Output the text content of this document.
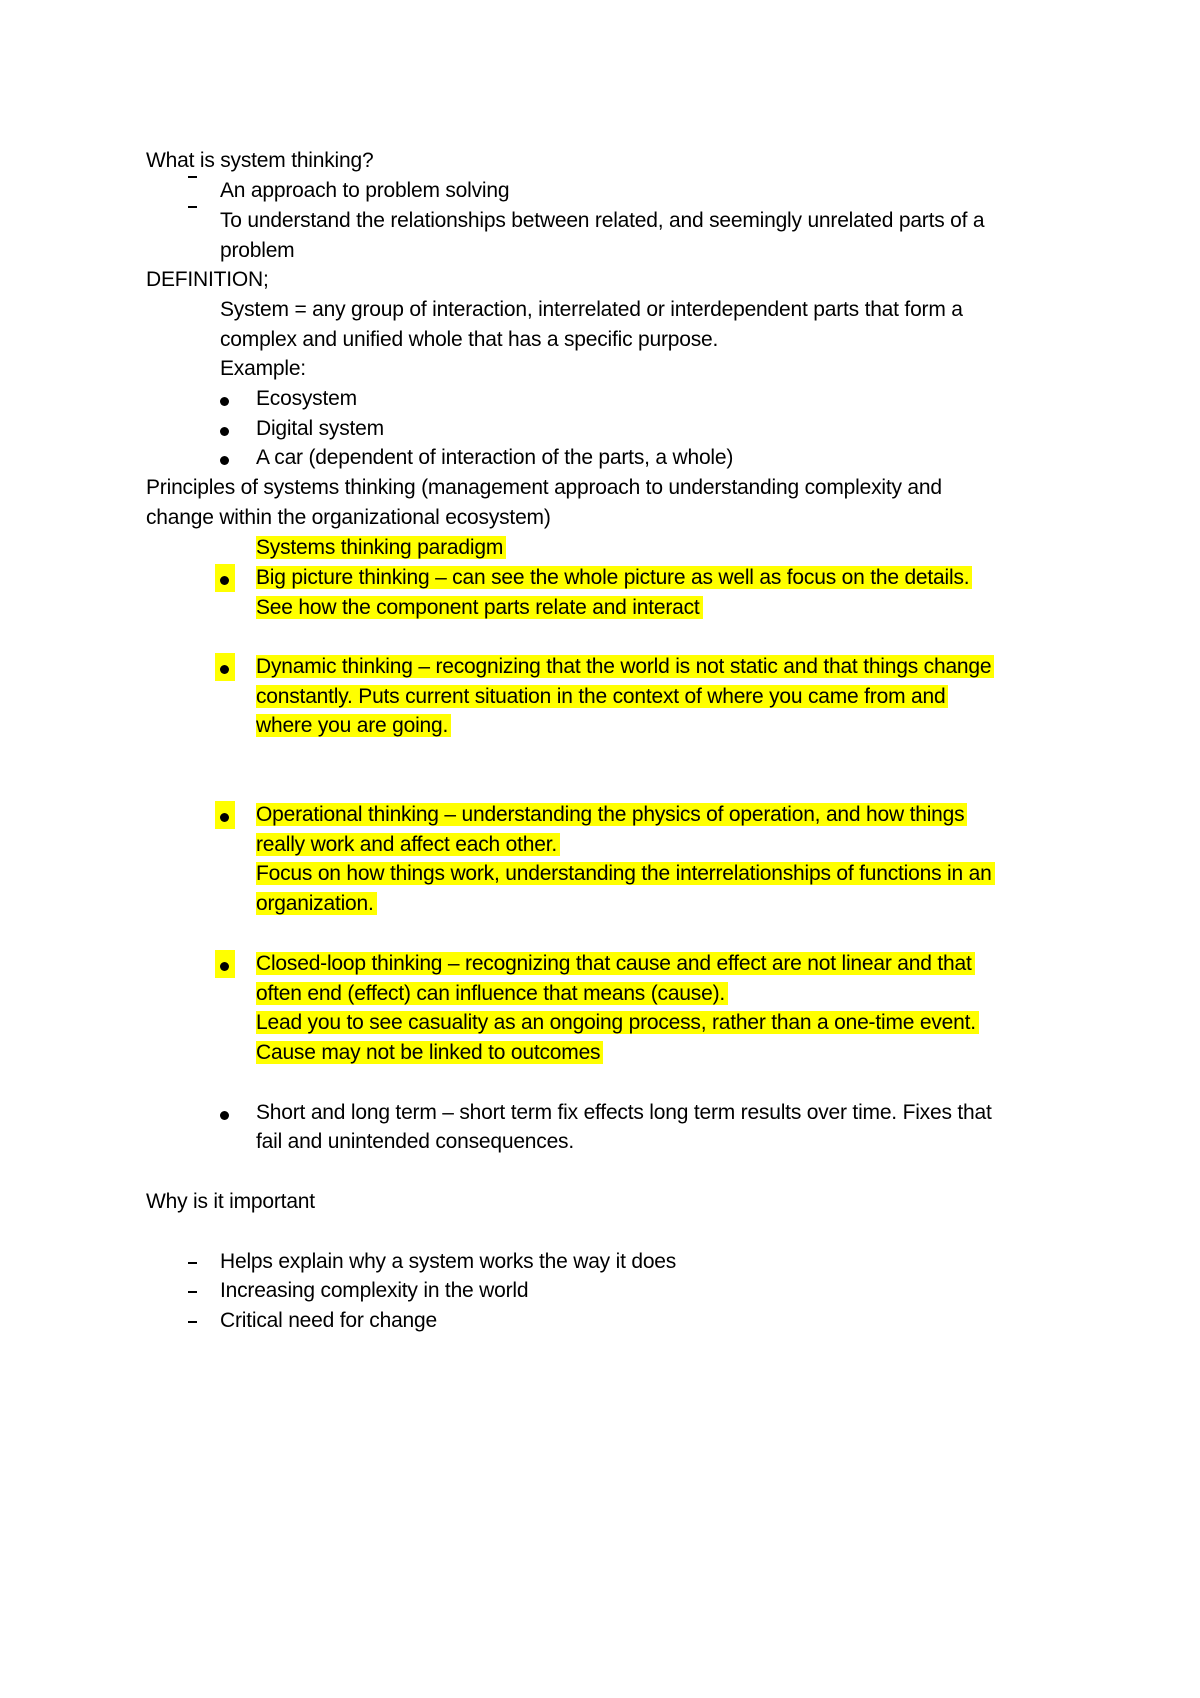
What is system thinking?
An approach to problem solving
To understand the relationships between related, and seemingly unrelated parts of a
problem
DEFINITION;
System = any group of interaction, interrelated or interdependent parts that form a
complex and unified whole that has a specific purpose.
Example:
Ecosystem
Digital system
A car (dependent of interaction of the parts, a whole)
Principles of systems thinking (management approach to understanding complexity and
change within the organizational ecosystem)
Systems thinking paradigm
Big picture thinking – can see the whole picture as well as focus on the details.
See how the component parts relate and interact
Dynamic thinking – recognizing that the world is not static and that things change
constantly. Puts current situation in the context of where you came from and
where you are going.
Operational thinking – understanding the physics of operation, and how things
really work and affect each other.
Focus on how things work, understanding the interrelationships of functions in an
organization.
Closed-loop thinking – recognizing that cause and effect are not linear and that
often end (effect) can influence that means (cause).
Lead you to see casuality as an ongoing process, rather than a one-time event.
Cause may not be linked to outcomes
Short and long term – short term fix effects long term results over time. Fixes that
fail and unintended consequences.
Why is it important
Helps explain why a system works the way it does
Increasing complexity in the world
Critical need for change
